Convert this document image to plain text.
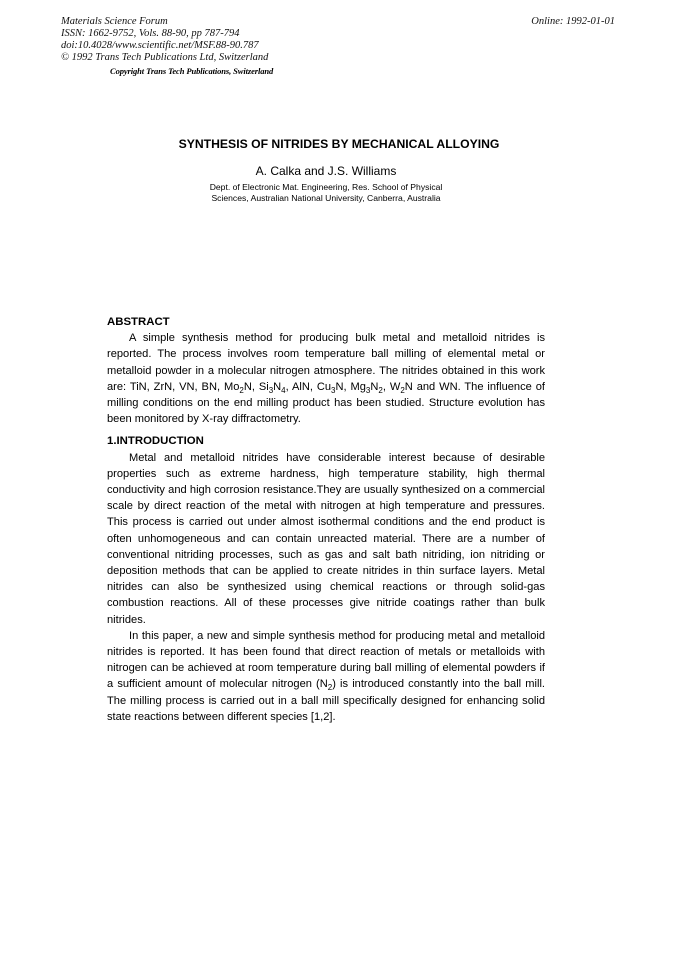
Materials Science Forum
ISSN: 1662-9752, Vols. 88-90, pp 787-794
doi:10.4028/www.scientific.net/MSF.88-90.787
© 1992 Trans Tech Publications Ltd, Switzerland
Online: 1992-01-01
Copyright Trans Tech Publications, Switzerland
SYNTHESIS OF NITRIDES BY MECHANICAL ALLOYING
A. Calka and J.S. Williams
Dept. of Electronic Mat. Engineering, Res. School of Physical
Sciences, Australian National University, Canberra, Australia
ABSTRACT
A simple synthesis method for producing bulk metal and metalloid nitrides is reported. The process involves room temperature ball milling of elemental metal or metalloid powder in a molecular nitrogen atmosphere. The nitrides obtained in this work are: TiN, ZrN, VN, BN, $Mo_2N$, $Si_3N_4$, AlN, $Cu_3N$, $Mg_3N_2$, $W_2N$ and WN. The influence of milling conditions on the end milling product has been studied. Structure evolution has been monitored by X-ray diffractometry.
1.INTRODUCTION
Metal and metalloid nitrides have considerable interest because of desirable properties such as extreme hardness, high temperature stability, high thermal conductivity and high corrosion resistance.They are usually synthesized on a commercial scale by direct reaction of the metal with nitrogen at high temperature and pressures. This process is carried out under almost isothermal conditions and the end product is often unhomogeneous and can contain unreacted material. There are a number of conventional nitriding processes, such as gas and salt bath nitriding, ion nitriding or deposition methods that can be applied to create nitrides in thin surface layers. Metal nitrides can also be synthesized using chemical reactions or through solid-gas combustion reactions. All of these processes give nitride coatings rather than bulk nitrides.
In this paper, a new and simple synthesis method for producing metal and metalloid nitrides is reported. It has been found that direct reaction of metals or metalloids with nitrogen can be achieved at room temperature during ball milling of elemental powders if a sufficient amount of molecular nitrogen $(N_2)$ is introduced constantly into the ball mill. The milling process is carried out in a ball mill specifically designed for enhancing solid state reactions between different species [1,2].
